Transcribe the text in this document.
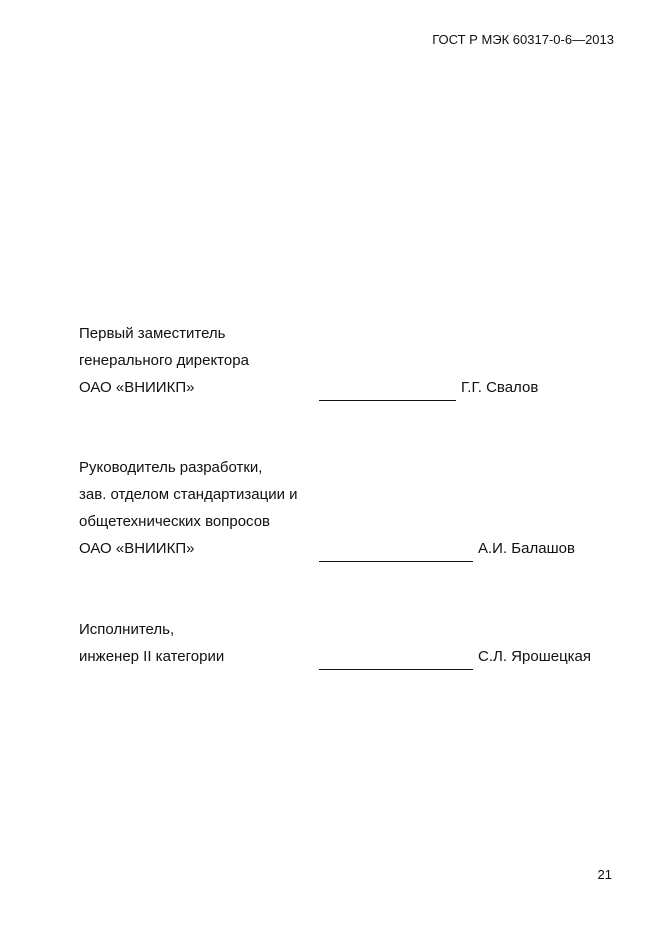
ГОСТ Р МЭК 60317-0-6—2013
Первый заместитель
генерального директора
ОАО «ВНИИКП»	Г.Г. Свалов
Руководитель разработки,
зав. отделом стандартизации и
общетехнических вопросов
ОАО «ВНИИКП»	А.И. Балашов
Исполнитель,
инженер II категории	С.Л. Ярошецкая
21
